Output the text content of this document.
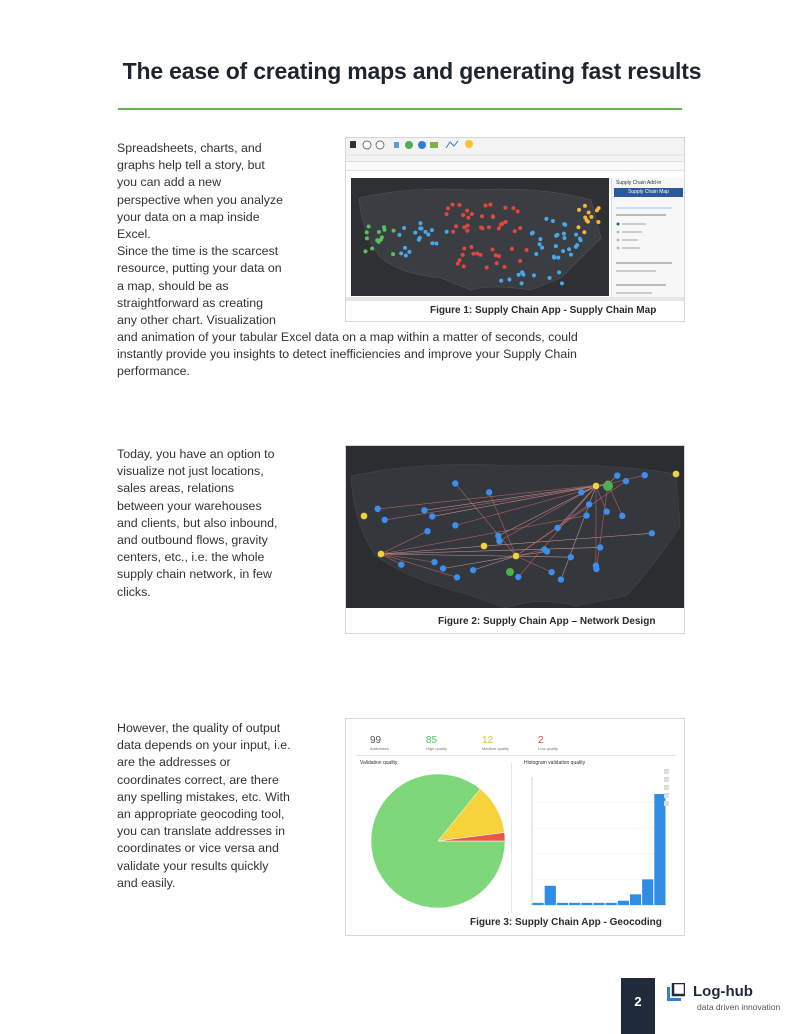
The ease of creating maps and generating fast results
Spreadsheets, charts, and
graphs help tell a story, but
you can add a new
perspective when you analyze
your data on a map inside
Excel.
Since the time is the scarcest
resource, putting your data on
a map, should be as
straightforward as creating
any other chart. Visualization
and animation of your tabular Excel data on a map within a matter of seconds, could
instantly provide you insights to detect inefficiencies and improve your Supply Chain
performance.
Supply Chain Add-in
Supply Chain Map
Figure 1: Supply Chain App - Supply Chain Map
Today, you have an option to
visualize not just locations,
sales areas, relations
between your warehouses
and clients, but also inbound,
and outbound flows, gravity
centers, etc., i.e. the whole
supply chain network, in few
clicks.
Figure 2: Supply Chain App – Network Design
However, the quality of output
data depends on your input, i.e.
are the addresses or
coordinates correct, are there
any spelling mistakes, etc. With
an appropriate geocoding tool,
you can translate addresses in
coordinates or vice versa and
validate your results quickly
and easily.
99
Addresses
85
High quality
12
Medium quality
2
Low quality
Validation quality	Histogram validation quality
Figure 3: Supply Chain App - Geocoding
2
Log-hub
data driven innovation
